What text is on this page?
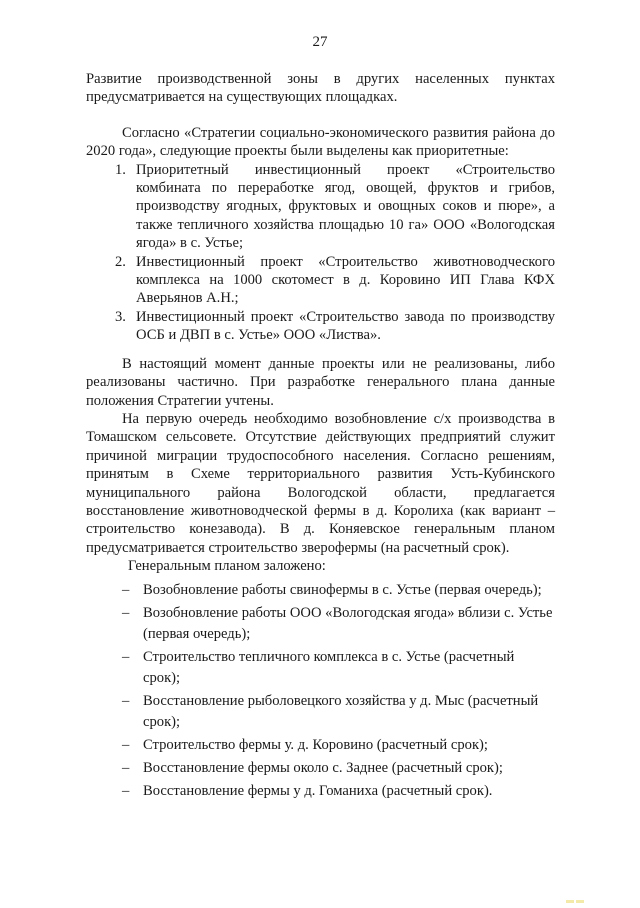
27

Развитие производственной зоны в других населенных пунктах предусматривается на существующих площадках.

Согласно «Стратегии социально-экономического развития района до 2020 года», следующие проекты были выделены как приоритетные:

1. Приоритетный инвестиционный проект «Строительство комбината по переработке ягод, овощей, фруктов и грибов, производству ягодных, фруктовых и овощных соков и пюре», а также тепличного хозяйства площадью 10 га» ООО «Вологодская ягода» в с. Устье;
2. Инвестиционный проект «Строительство животноводческого комплекса на 1000 скотомест в д. Коровино ИП Глава КФХ Аверьянов А.Н.;
3. Инвестиционный проект «Строительство завода по производству ОСБ и ДВП в с. Устье» ООО «Листва».

В настоящий момент данные проекты или не реализованы, либо реализованы частично. При разработке генерального плана данные положения Стратегии учтены.

На первую очередь необходимо возобновление с/х производства в Томашском сельсовете. Отсутствие действующих предприятий служит причиной миграции трудоспособного населения. Согласно решениям, принятым в Схеме территориального развития Усть-Кубинского муниципального района Вологодской области, предлагается восстановление животноводческой фермы в д. Королиха (как вариант – строительство конезавода). В д. Коняевское генеральным планом предусматривается строительство зверофермы (на расчетный срок).

Генеральным планом заложено:

– Возобновление работы свинофермы в с. Устье (первая очередь);
– Возобновление работы ООО «Вологодская ягода» вблизи с. Устье (первая очередь);
– Строительство тепличного комплекса в с. Устье (расчетный срок);
– Восстановление рыболовецкого хозяйства у д. Мыс (расчетный срок);
– Строительство фермы у. д. Коровино (расчетный срок);
– Восстановление фермы около с. Заднее (расчетный срок);
– Восстановление фермы у д. Гоманиха (расчетный срок).
